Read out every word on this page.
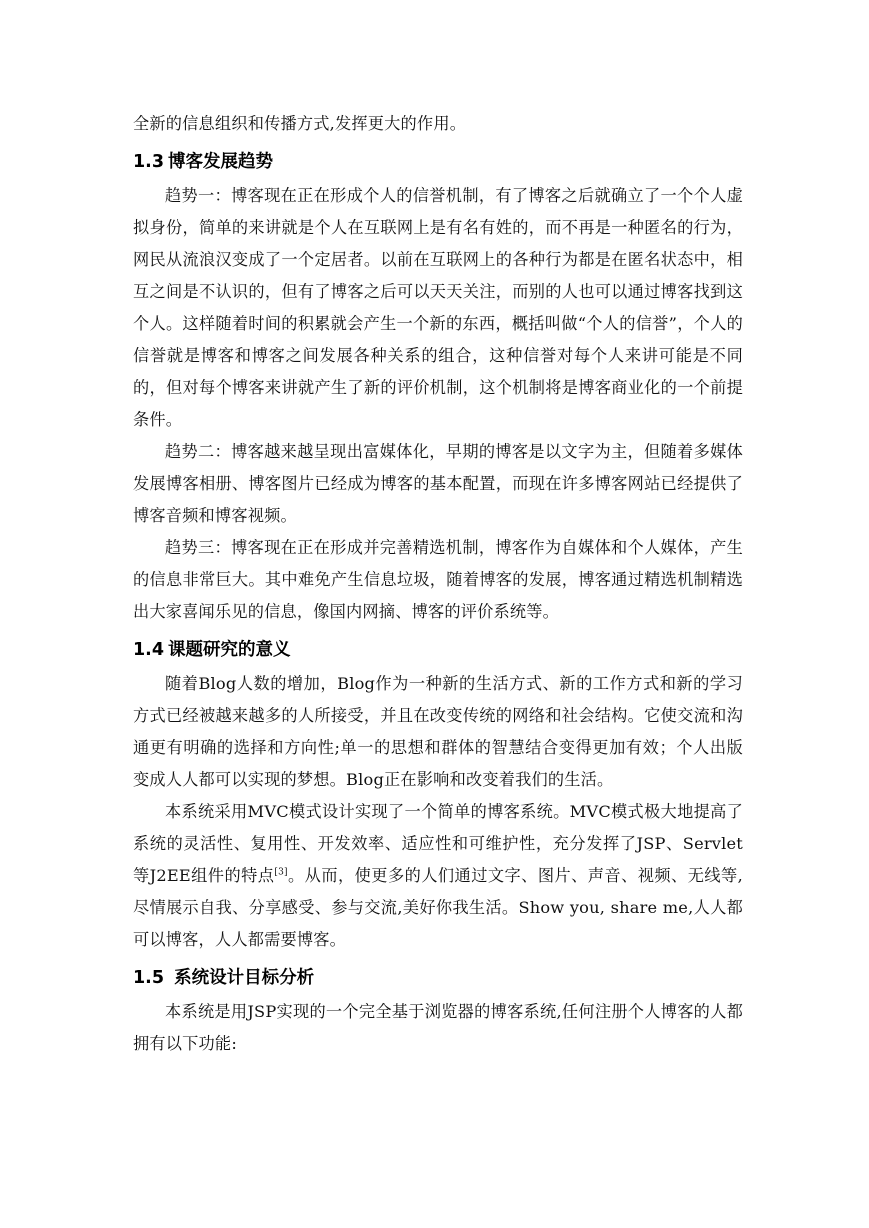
全新的信息组织和传播方式,发挥更大的作用。

1.3 博客发展趋势

趋势一：博客现在正在形成个人的信誉机制，有了博客之后就确立了一个个人虚拟身份，简单的来讲就是个人在互联网上是有名有姓的，而不再是一种匿名的行为，网民从流浪汉变成了一个定居者。以前在互联网上的各种行为都是在匿名状态中，相互之间是不认识的，但有了博客之后可以天天关注，而别的人也可以通过博客找到这个人。这样随着时间的积累就会产生一个新的东西，概括叫做“个人的信誉”，个人的信誉就是博客和博客之间发展各种关系的组合，这种信誉对每个人来讲可能是不同的，但对每个博客来讲就产生了新的评价机制，这个机制将是博客商业化的一个前提条件。

趋势二：博客越来越呈现出富媒体化，早期的博客是以文字为主，但随着多媒体发展博客相册、博客图片已经成为博客的基本配置，而现在许多博客网站已经提供了博客音频和博客视频。

趋势三：博客现在正在形成并完善精选机制，博客作为自媒体和个人媒体，产生的信息非常巨大。其中难免产生信息垃圾，随着博客的发展，博客通过精选机制精选出大家喜闻乐见的信息，像国内网摘、博客的评价系统等。

1.4 课题研究的意义

随着Blog人数的增加，Blog作为一种新的生活方式、新的工作方式和新的学习方式已经被越来越多的人所接受，并且在改变传统的网络和社会结构。它使交流和沟通更有明确的选择和方向性;单一的思想和群体的智慧结合变得更加有效；个人出版变成人人都可以实现的梦想。Blog正在影响和改变着我们的生活。

本系统采用MVC模式设计实现了一个简单的博客系统。MVC模式极大地提高了系统的灵活性、复用性、开发效率、适应性和可维护性，充分发挥了JSP、Servlet等J2EE组件的特点[3]。从而，使更多的人们通过文字、图片、声音、视频、无线等,尽情展示自我、分享感受、参与交流,美好你我生活。Show you, share me,人人都可以博客，人人都需要博客。

1.5 系统设计目标分析

本系统是用JSP实现的一个完全基于浏览器的博客系统,任何注册个人博客的人都拥有以下功能:
